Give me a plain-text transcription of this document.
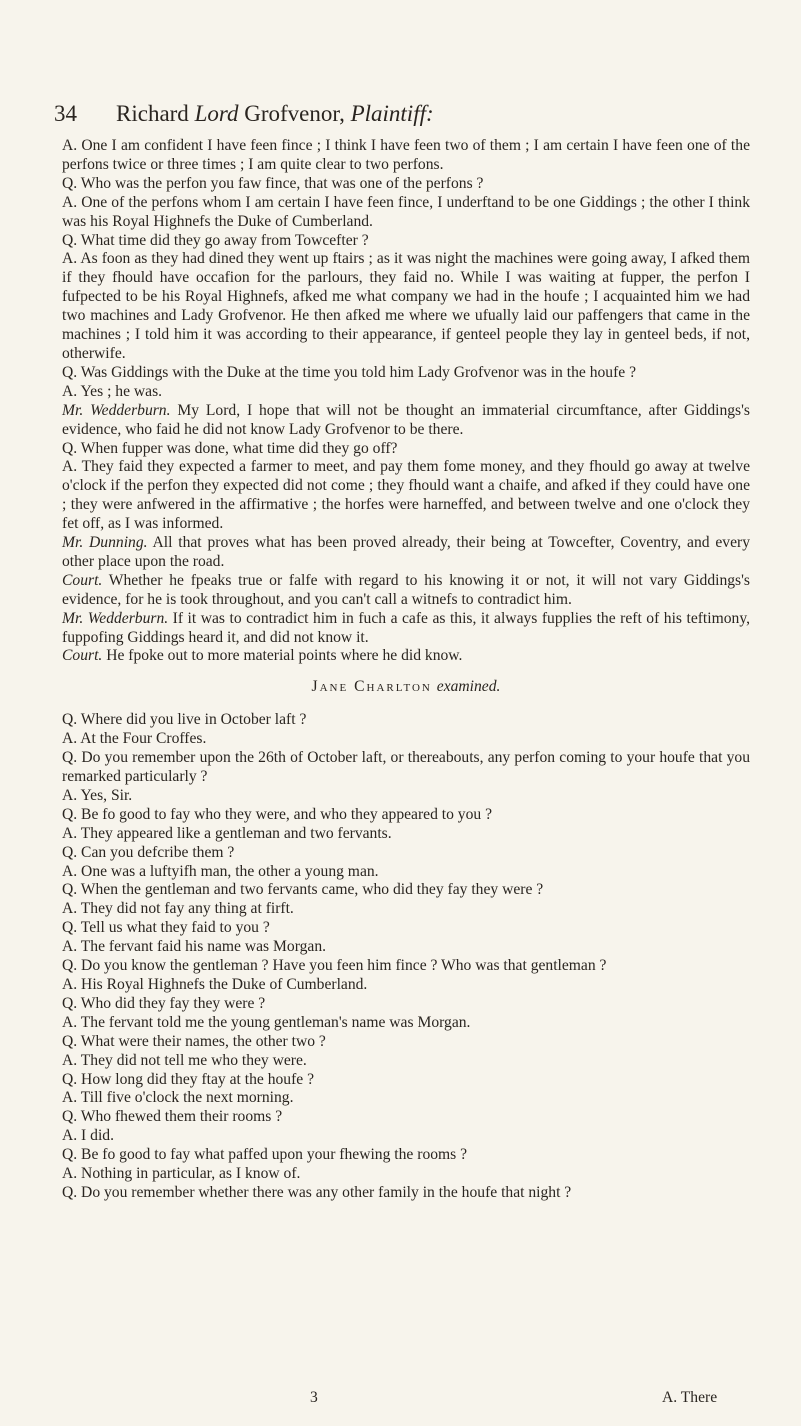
34 Richard Lord Grofvenor, Plaintiff:

A. One I am confident I have feen fince ; I think I have feen two of them ; I am certain I have feen one of the perfons twice or three times ; I am quite clear to two perfons.

Q. Who was the perfon you faw fince, that was one of the perfons ?

A. One of the perfons whom I am certain I have feen fince, I underftand to be one Giddings ; the other I think was his Royal Highnefs the Duke of Cumberland.

Q. What time did they go away from Towcefter ?

A. As foon as they had dined they went up ftairs ; as it was night the machines were going away, I afked them if they fhould have occafion for the parlours, they faid no. While I was waiting at fupper, the perfon I fufpected to be his Royal Highnefs, afked me what company we had in the houfe ; I acquainted him we had two machines and Lady Grofvenor. He then afked me where we ufually laid our paffengers that came in the machines ; I told him it was according to their appearance, if genteel people they lay in genteel beds, if not, otherwife.

Q. Was Giddings with the Duke at the time you told him Lady Grofvenor was in the houfe ?

A. Yes ; he was.

Mr. Wedderburn. My Lord, I hope that will not be thought an immaterial circumftance, after Giddings's evidence, who faid he did not know Lady Grofvenor to be there.

Q. When fupper was done, what time did they go off?

A. They faid they expected a farmer to meet, and pay them fome money, and they fhould go away at twelve o'clock if the perfon they expected did not come ; they fhould want a chaife, and afked if they could have one ; they were anfwered in the affirmative ; the horfes were harneffed, and between twelve and one o'clock they fet off, as I was informed.

Mr. Dunning. All that proves what has been proved already, their being at Towcefter, Coventry, and every other place upon the road.

Court. Whether he fpeaks true or falfe with regard to his knowing it or not, it will not vary Giddings's evidence, for he is took throughout, and you can't call a witnefs to contradict him.

Mr. Wedderburn. If it was to contradict him in fuch a cafe as this, it always fupplies the reft of his teftimony, fuppofing Giddings heard it, and did not know it.

Court. He fpoke out to more material points where he did know.

Jane Charlton examined.

Q. Where did you live in October laft ?

A. At the Four Croffes.

Q. Do you remember upon the 26th of October laft, or thereabouts, any perfon coming to your houfe that you remarked particularly ?

A. Yes, Sir.

Q. Be fo good to fay who they were, and who they appeared to you ?

A. They appeared like a gentleman and two fervants.

Q. Can you defcribe them ?

A. One was a luftyifh man, the other a young man.

Q. When the gentleman and two fervants came, who did they fay they were ?

A. They did not fay any thing at firft.

Q. Tell us what they faid to you ?

A. The fervant faid his name was Morgan.

Q. Do you know the gentleman ? Have you feen him fince ? Who was that gentleman ?

A. His Royal Highnefs the Duke of Cumberland.

Q. Who did they fay they were ?

A. The fervant told me the young gentleman's name was Morgan.

Q. What were their names, the other two ?

A. They did not tell me who they were.

Q. How long did they ftay at the houfe ?

A. Till five o'clock the next morning.

Q. Who fhewed them their rooms ?

A. I did.

Q. Be fo good to fay what paffed upon your fhewing the rooms ?

A. Nothing in particular, as I know of.

Q. Do you remember whether there was any other family in the houfe that night ?

3	A. There
